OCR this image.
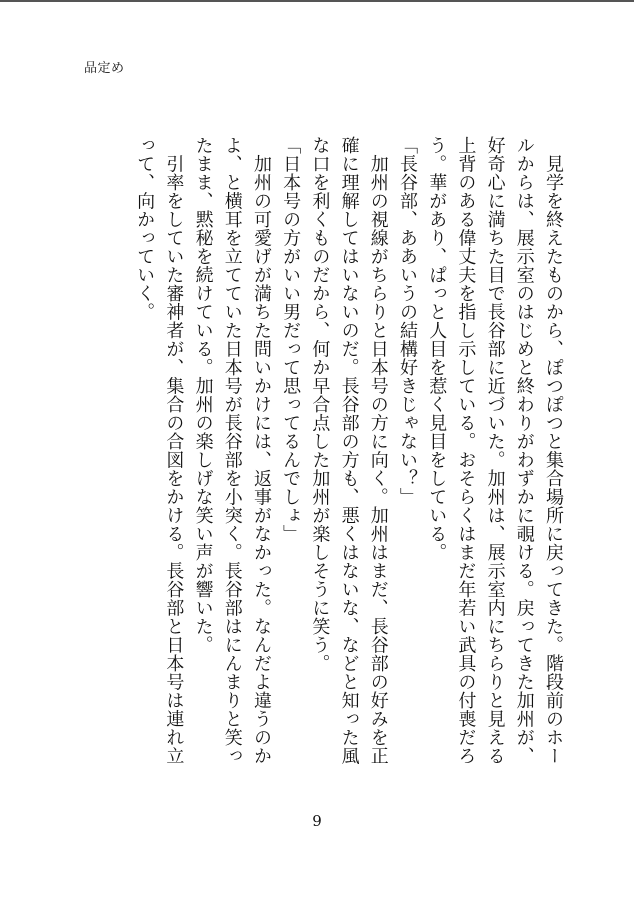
品定め

　見学を終えたものから、ぽつぽつと集合場所に戻ってきた。階段前のホー

ルからは、展示室のはじめと終わりがわずかに覗ける。戻ってきた加州が、

好奇心に満ちた目で長谷部に近づいた。加州は、展示室内にちらりと見える

上背のある偉丈夫を指し示している。おそらくはまだ年若い武具の付喪だろ

う。華があり、ぱっと人目を惹く見目をしている。

「長谷部、ああいうの結構好きじゃない？」

　加州の視線がちらりと日本号の方に向く。加州はまだ、長谷部の好みを正

確に理解してはいないのだ。長谷部の方も、悪くはないな、などと知った風

な口を利くものだから、何か早合点した加州が楽しそうに笑う。

「日本号の方がいい男だって思ってるんでしょ」

　加州の可愛げが満ちた問いかけには、返事がなかった。なんだよ違うのか

よ、と横耳を立てていた日本号が長谷部を小突く。長谷部はにんまりと笑っ

たまま、黙秘を続けている。加州の楽しげな笑い声が響いた。

　引率をしていた審神者が、集合の合図をかける。長谷部と日本号は連れ立

って、向かっていく。

9
